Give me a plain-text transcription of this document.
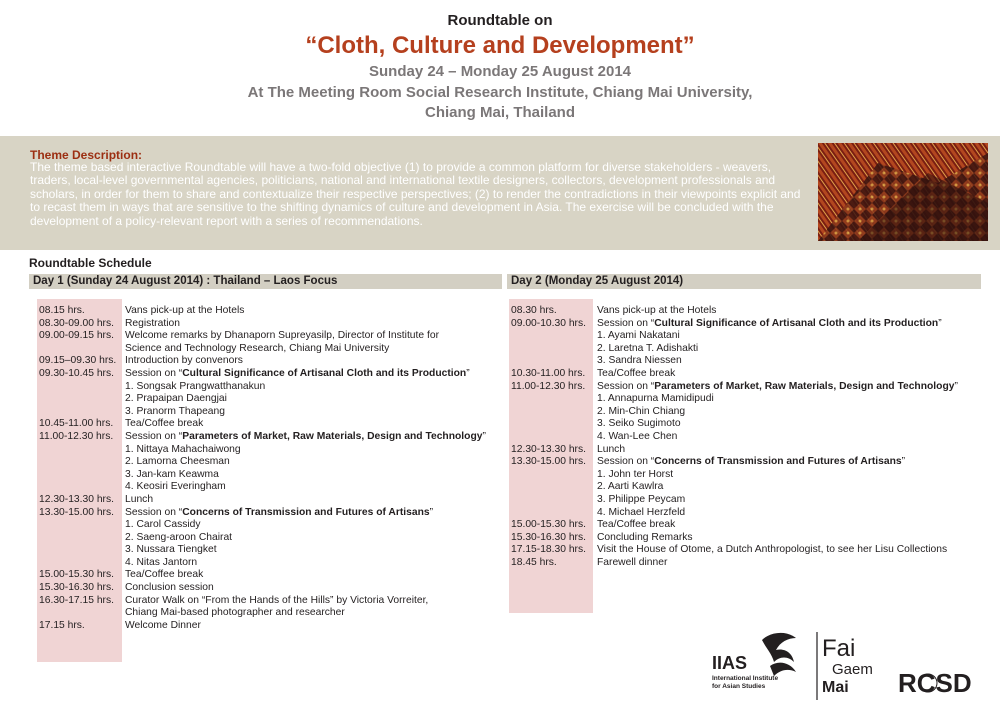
Roundtable on
“Cloth, Culture and Development”
Sunday 24 – Monday 25 August 2014
At The Meeting Room Social Research Institute, Chiang Mai University,
Chiang Mai, Thailand
Theme Description:
The theme based interactive Roundtable will have a two-fold objective (1) to provide a common platform for diverse stakeholders - weavers, traders, local-level governmental agencies, politicians, national and international textile designers, collectors, development professionals and scholars, in order for them to share and contextualize their respective perspectives; (2) to render the contradictions in their viewpoints explicit and to recast them in ways that are sensitive to the shifting dynamics of culture and development in Asia. The exercise will be concluded with the development of a policy-relevant report with a series of recommendations.
Roundtable Schedule
Day 1 (Sunday 24 August 2014) : Thailand – Laos Focus	Day 2 (Monday 25 August 2014)
08.15 hrs.	Vans pick-up at the Hotels
08.30-09.00 hrs.	Registration
09.00-09.15 hrs.	Welcome remarks by Dhanaporn Supreyasilp, Director of Institute for
Science and Technology Research, Chiang Mai University
09.15–09.30 hrs. Introduction by convenors
09.30-10.45 hrs.	Session on “Cultural Significance of Artisanal Cloth and its Production”
1. Songsak Prangwatthanakun
2. Prapaipan Daengjai
3. Pranorm Thapeang
10.45-11.00 hrs.	Tea/Coffee break
11.00-12.30 hrs.	Session on “Parameters of Market, Raw Materials, Design and Technology”
1. Nittaya Mahachaiwong
2. Lamorna Cheesman
3. Jan-kam Keawma
4. Keosiri Everingham
12.30-13.30 hrs.	Lunch
13.30-15.00 hrs.	Session on “Concerns of Transmission and Futures of Artisans”
1. Carol Cassidy
2. Saeng-aroon Chairat
3. Nussara Tiengket
4. Nitas Jantorn
15.00-15.30 hrs.	Tea/Coffee break
15.30-16.30 hrs.	Conclusion session
16.30-17.15 hrs.	Curator Walk on “From the Hands of the Hills” by Victoria Vorreiter,
Chiang Mai-based photographer and researcher
17.15 hrs.	Welcome Dinner
08.30 hrs.	Vans pick-up at the Hotels
09.00-10.30 hrs.	Session on “Cultural Significance of Artisanal Cloth and its Production”
1. Ayami Nakatani
2. Laretna T. Adishakti
3. Sandra Niessen
10.30-11.00 hrs.	Tea/Coffee break
11.00-12.30 hrs.	Session on “Parameters of Market, Raw Materials, Design and Technology”
1. Annapurna Mamidipudi
2. Min-Chin Chiang
3. Seiko Sugimoto
4. Wan-Lee Chen
12.30-13.30 hrs.	Lunch
13.30-15.00 hrs.	Session on “Concerns of Transmission and Futures of Artisans”
1. John ter Horst
2. Aarti Kawlra
3. Philippe Peycam
4. Michael Herzfeld
15.00-15.30 hrs.	Tea/Coffee break
15.30-16.30 hrs.	Concluding Remarks
17.15-18.30 hrs.	Visit the House of Otome, a Dutch Anthropologist, to see her Lisu Collections
18.45 hrs.	Farewell dinner
IIAS
International Institute
for Asian Studies
Fai
Gaem
Mai RCSD
